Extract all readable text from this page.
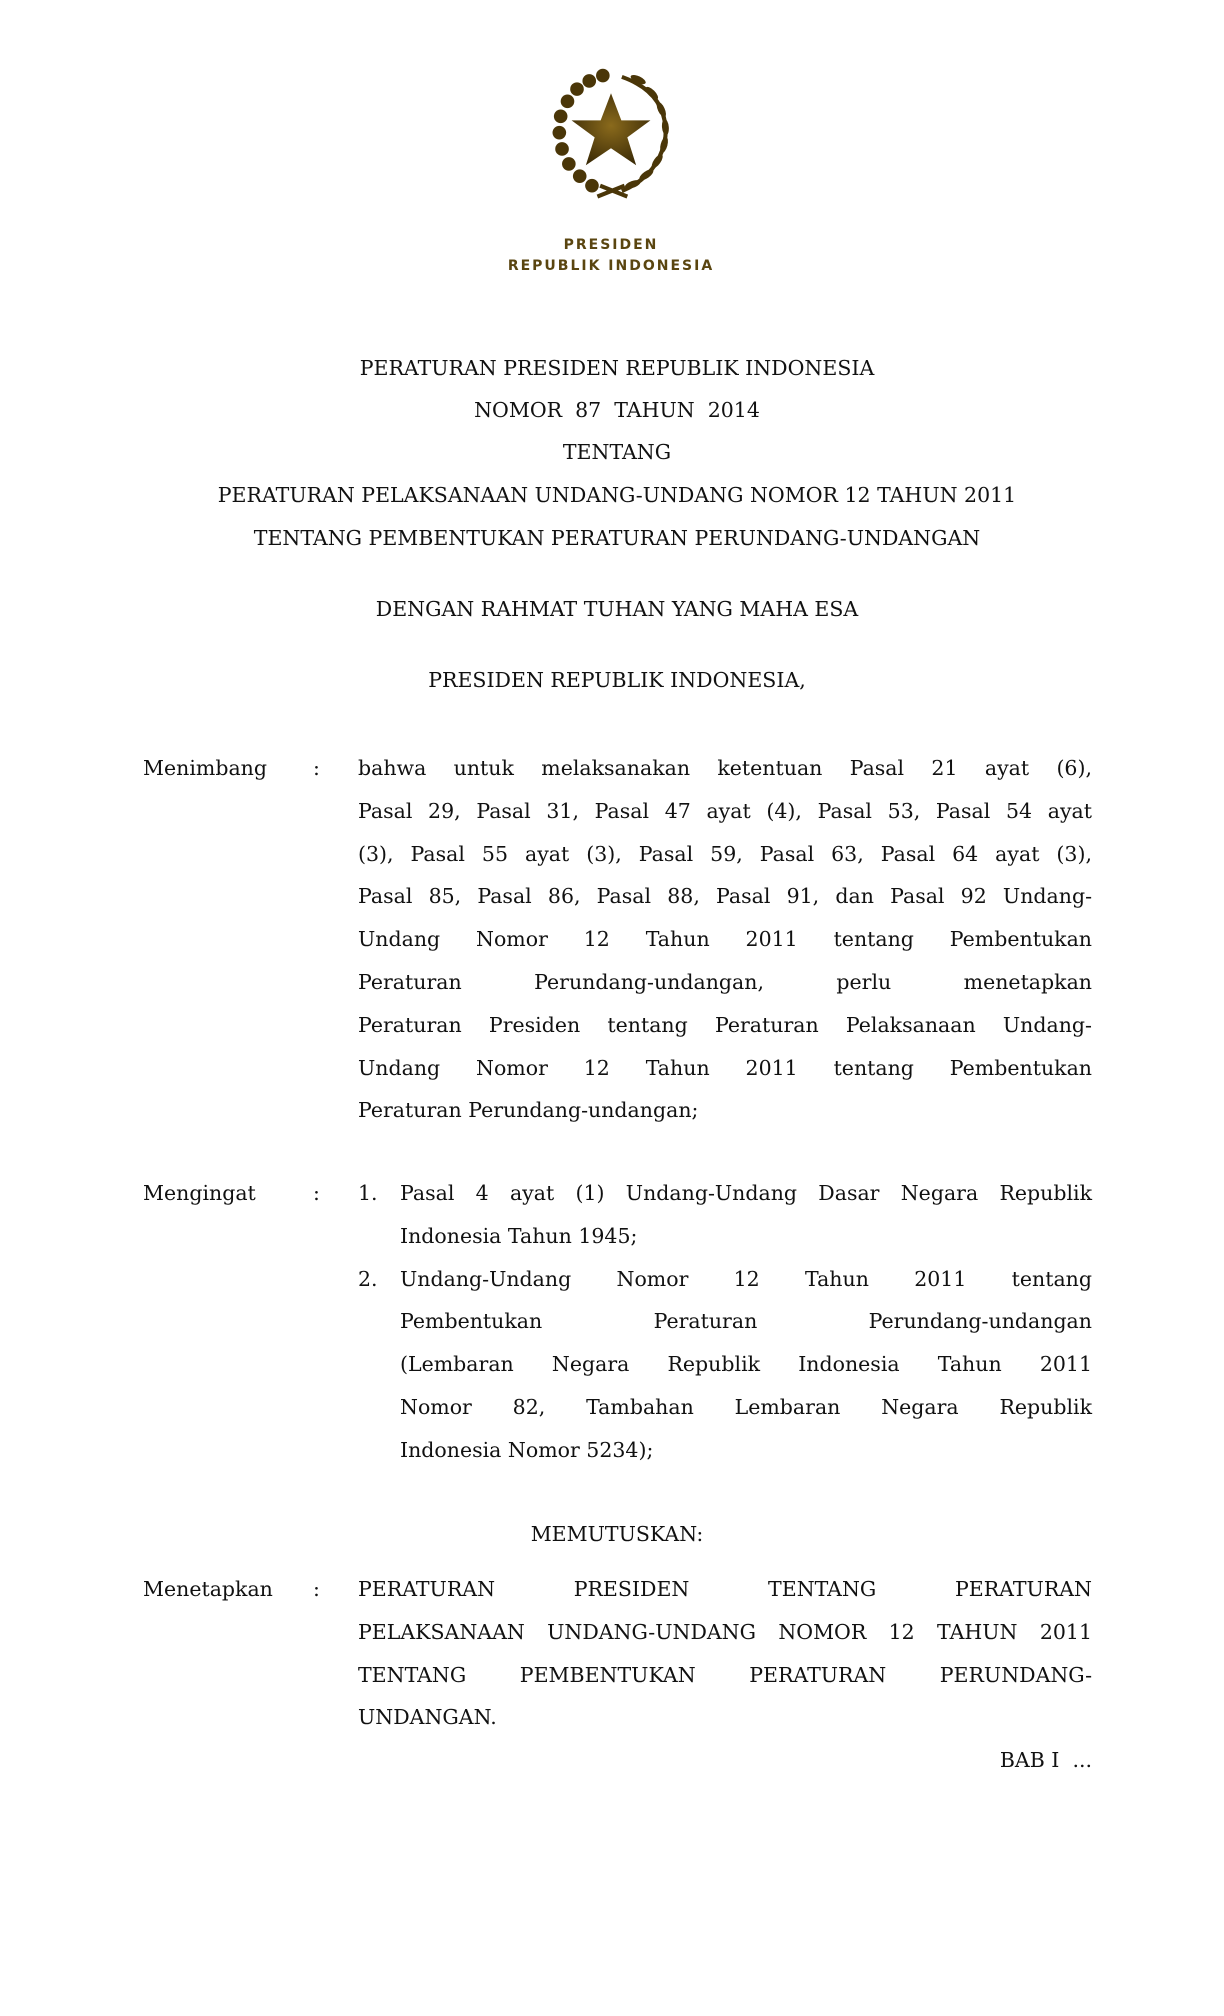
PRESIDEN
REPUBLIK INDONESIA
PERATURAN PRESIDEN REPUBLIK INDONESIA
NOMOR  87  TAHUN  2014
TENTANG
PERATURAN PELAKSANAAN UNDANG-UNDANG NOMOR 12 TAHUN 2011
TENTANG PEMBENTUKAN PERATURAN PERUNDANG-UNDANGAN
DENGAN RAHMAT TUHAN YANG MAHA ESA
PRESIDEN REPUBLIK INDONESIA,
Menimbang : bahwa untuk melaksanakan ketentuan Pasal 21 ayat (6),
Pasal 29, Pasal 31, Pasal 47 ayat (4), Pasal 53, Pasal 54 ayat
(3), Pasal 55 ayat (3), Pasal 59, Pasal 63, Pasal 64 ayat (3),
Pasal 85, Pasal 86, Pasal 88, Pasal 91, dan Pasal 92 Undang-
Undang Nomor 12 Tahun 2011 tentang Pembentukan
Peraturan Perundang-undangan, perlu menetapkan
Peraturan Presiden tentang Peraturan Pelaksanaan Undang-
Undang Nomor 12 Tahun 2011 tentang Pembentukan
Peraturan Perundang-undangan;
Mengingat	: 1. Pasal 4 ayat (1) Undang-Undang Dasar Negara Republik
Indonesia Tahun 1945;
2. Undang-Undang Nomor 12 Tahun 2011 tentang
Pembentukan Peraturan Perundang-undangan
(Lembaran Negara Republik Indonesia Tahun 2011
Nomor 82, Tambahan Lembaran Negara Republik
Indonesia Nomor 5234);
MEMUTUSKAN:
Menetapkan : PERATURAN PRESIDEN TENTANG PERATURAN
PELAKSANAAN UNDANG-UNDANG NOMOR 12 TAHUN 2011
TENTANG PEMBENTUKAN PERATURAN PERUNDANG-
UNDANGAN.
BAB I  ...
